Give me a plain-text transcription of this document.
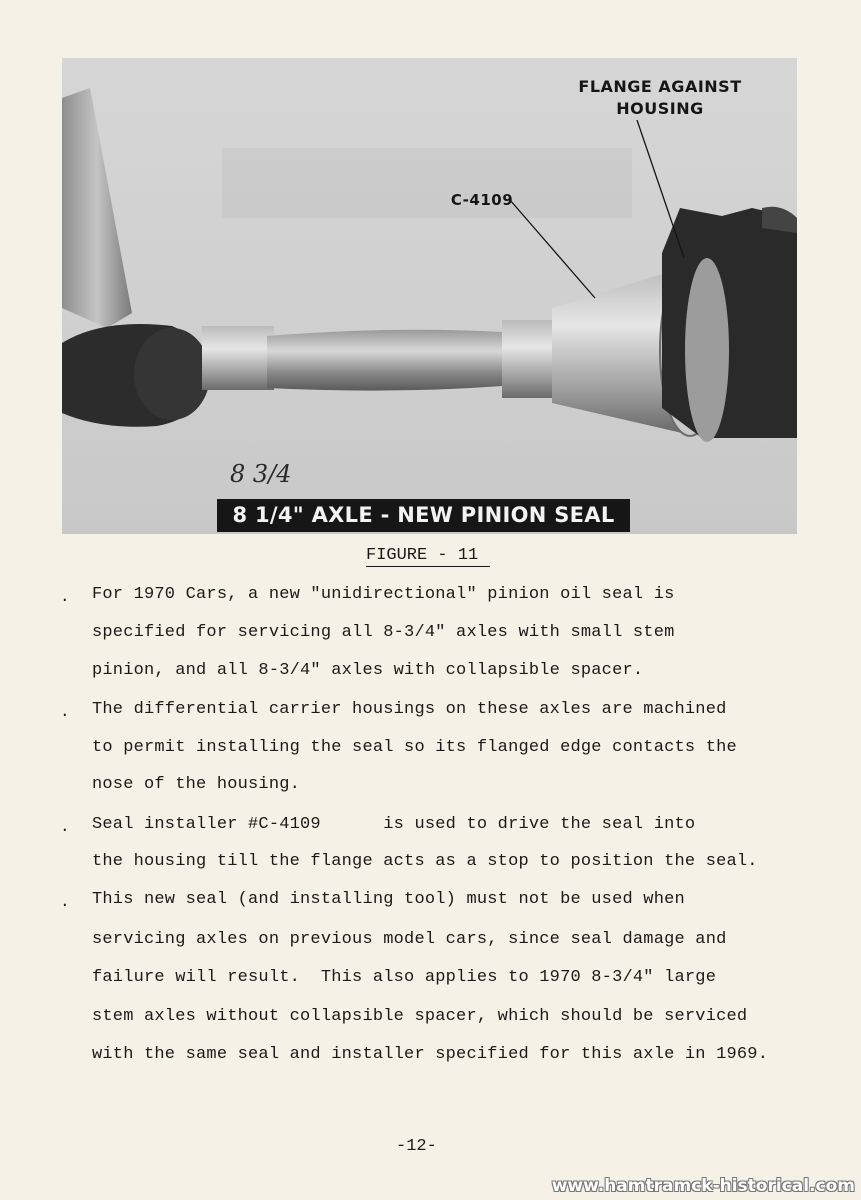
FLANGE AGAINST
HOUSING
C-4109
8 3/4
8 1/4" AXLE - NEW PINION SEAL
FIGURE - 11
. For 1970 Cars, a new "unidirectional" pinion oil seal is
specified for servicing all 8-3/4" axles with small stem
pinion, and all 8-3/4" axles with collapsible spacer.
. The differential carrier housings on these axles are machined
to permit installing the seal so its flanged edge contacts the
nose of the housing.
. Seal installer #C-4109      is used to drive the seal into
the housing till the flange acts as a stop to position the seal.
. This new seal (and installing tool) must not be used when
servicing axles on previous model cars, since seal damage and
failure will result.  This also applies to 1970 8-3/4" large
stem axles without collapsible spacer, which should be serviced
with the same seal and installer specified for this axle in 1969.
-12-
www.hamtramck-historical.com
